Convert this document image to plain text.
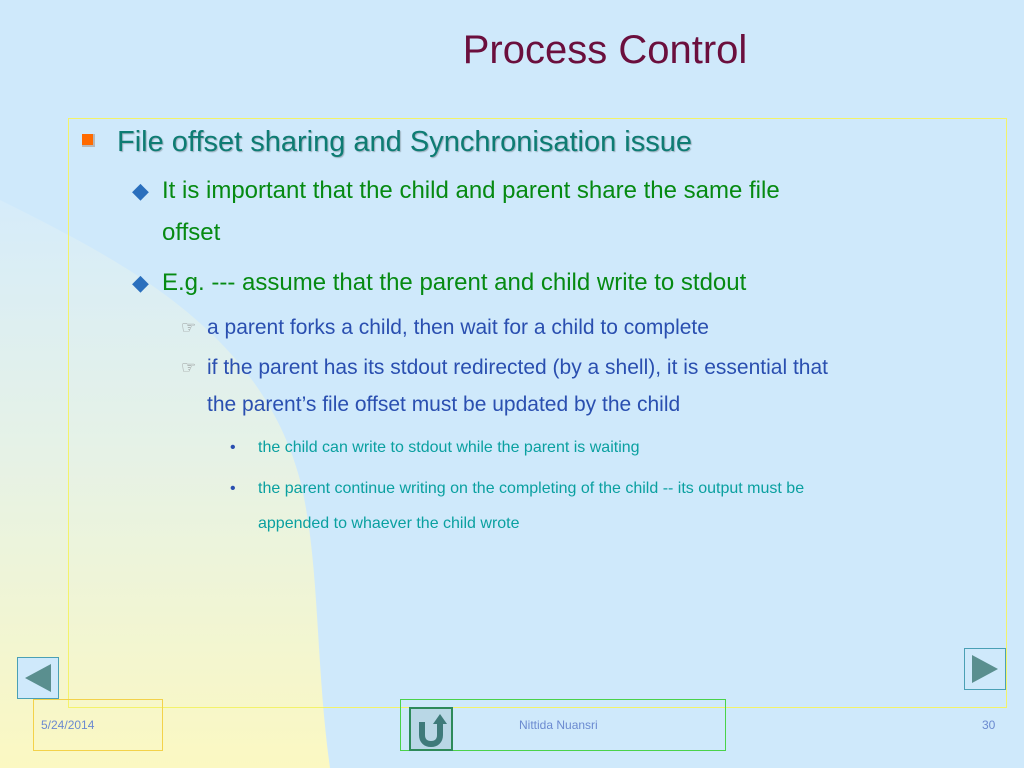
Process Control
File offset sharing and Synchronisation issue
◆ It is important that the child and parent share the same file
offset
◆ E.g. --- assume that the parent and child write to stdout
☞ a parent forks a child, then wait for a child to complete
☞ if the parent has its stdout redirected (by a shell), it is essential that
the parent’s file offset must be updated by the child
•	the child can write to stdout while the parent is waiting
•	the parent continue writing on the completing of the child -- its output must be
appended to whaever the child wrote
5/24/2014	Nittida Nuansri	30
